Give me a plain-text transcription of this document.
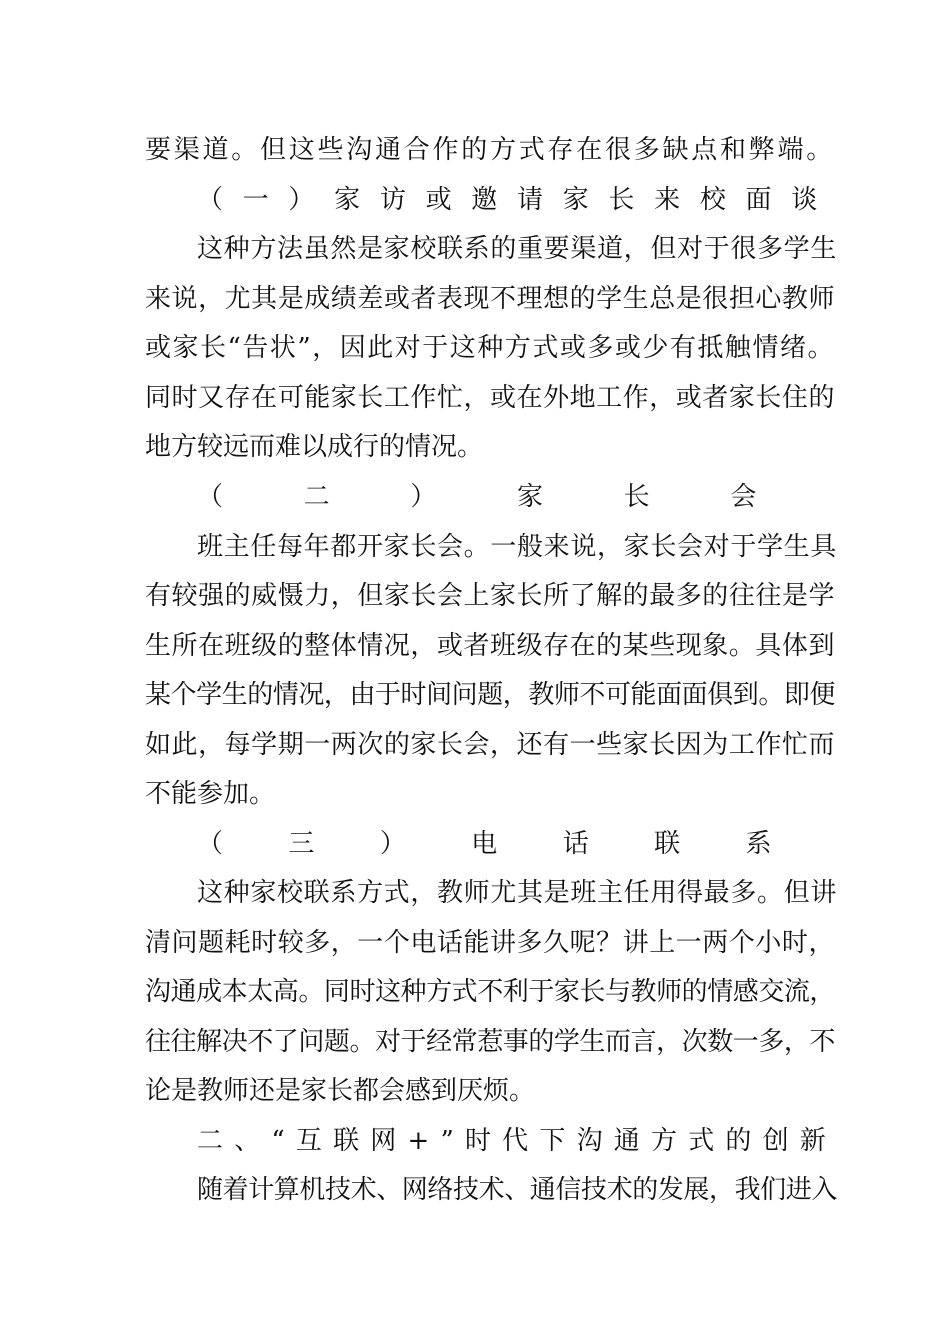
要渠道。但这些沟通合作的方式存在很多缺点和弊端。
（一）家访或邀请家长来校面谈
这种方法虽然是家校联系的重要渠道，但对于很多学生
来说，尤其是成绩差或者表现不理想的学生总是很担心教师
或家长“告状”，因此对于这种方式或多或少有抵触情绪。
同时又存在可能家长工作忙，或在外地工作，或者家长住的
地方较远而难以成行的情况。
（二）家长会
班主任每年都开家长会。一般来说，家长会对于学生具
有较强的威慑力，但家长会上家长所了解的最多的往往是学
生所在班级的整体情况，或者班级存在的某些现象。具体到
某个学生的情况，由于时间问题，教师不可能面面俱到。即便
如此，每学期一两次的家长会，还有一些家长因为工作忙而
不能参加。
（三）电话联系
这种家校联系方式，教师尤其是班主任用得最多。但讲
清问题耗时较多，一个电话能讲多久呢？讲上一两个小时，
沟通成本太高。同时这种方式不利于家长与教师的情感交流，
往往解决不了问题。对于经常惹事的学生而言，次数一多，不
论是教师还是家长都会感到厌烦。
二、“互联网+”时代下沟通方式的创新
随着计算机技术、网络技术、通信技术的发展，我们进入
